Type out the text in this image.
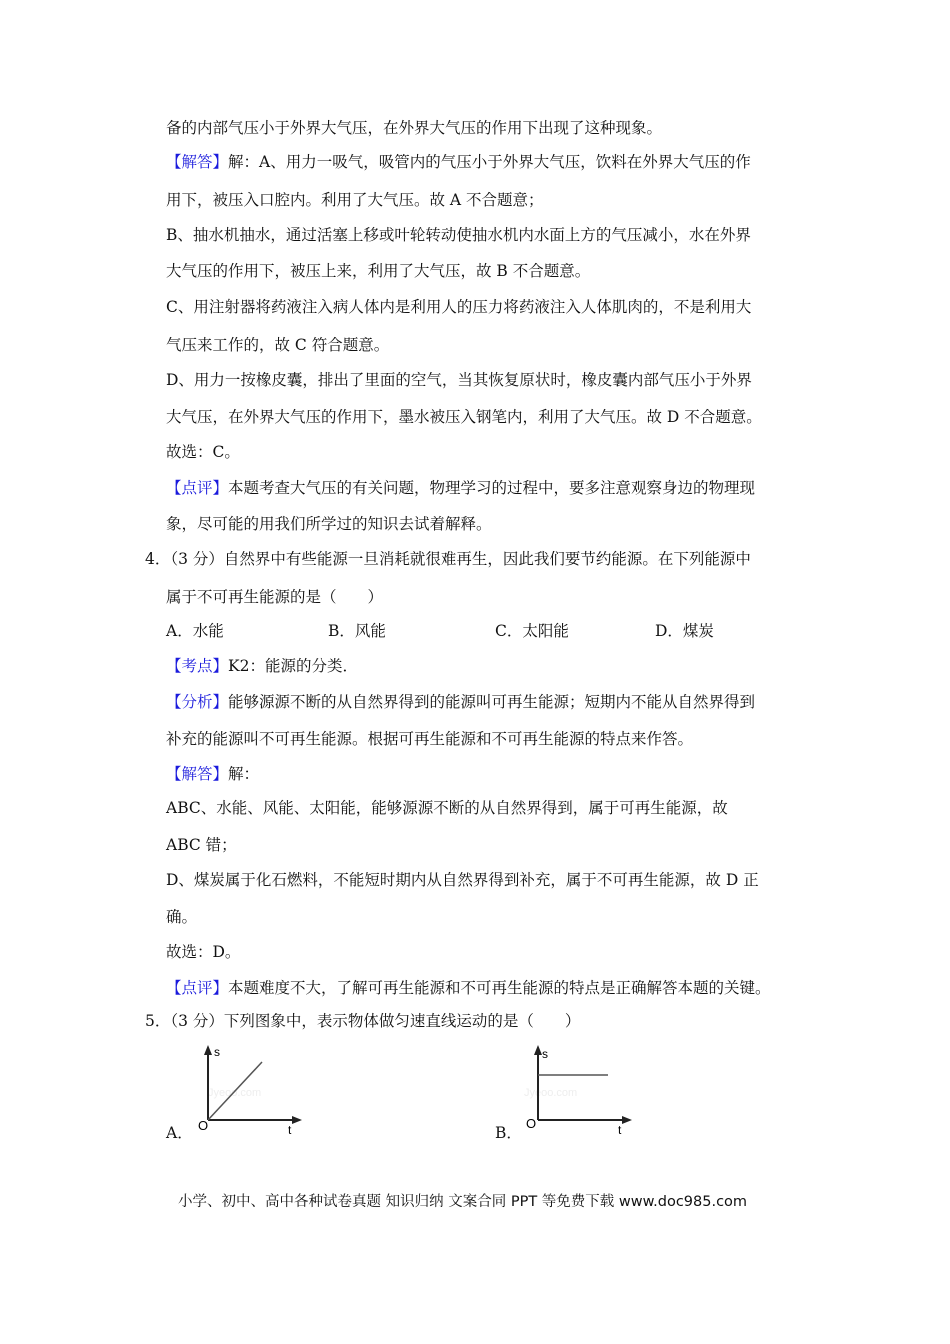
备的内部气压小于外界大气压，在外界大气压的作用下出现了这种现象。
【解答】解：A、用力一吸气，吸管内的气压小于外界大气压，饮料在外界大气压的作
用下，被压入口腔内。利用了大气压。故 A 不合题意；
B、抽水机抽水，通过活塞上移或叶轮转动使抽水机内水面上方的气压减小，水在外界
大气压的作用下，被压上来，利用了大气压，故 B 不合题意。
C、用注射器将药液注入病人体内是利用人的压力将药液注入人体肌肉的，不是利用大
气压来工作的，故 C 符合题意。
D、用力一按橡皮囊，排出了里面的空气，当其恢复原状时，橡皮囊内部气压小于外界
大气压，在外界大气压的作用下，墨水被压入钢笔内，利用了大气压。故 D 不合题意。
故选：C。
【点评】本题考查大气压的有关问题，物理学习的过程中，要多注意观察身边的物理现
象，尽可能的用我们所学过的知识去试着解释。
4．（3 分）自然界中有些能源一旦消耗就很难再生，因此我们要节约能源。在下列能源中
属于不可再生能源的是（　　）
A．水能	B．风能	C．太阳能	D．煤炭
【考点】K2：能源的分类．
【分析】能够源源不断的从自然界得到的能源叫可再生能源；短期内不能从自然界得到
补充的能源叫不可再生能源。根据可再生能源和不可再生能源的特点来作答。
【解答】解：
ABC、水能、风能、太阳能，能够源源不断的从自然界得到，属于可再生能源，故
ABC 错；
D、煤炭属于化石燃料，不能短时期内从自然界得到补充，属于不可再生能源，故 D 正
确。
故选：D。
【点评】本题难度不大，了解可再生能源和不可再生能源的特点是正确解答本题的关键。
5．（3 分）下列图象中，表示物体做匀速直线运动的是（　　）
A．
Jyeoo.com
s
t
O	B．
Jyeoo.com
s
t
O
小学、初中、高中各种试卷真题 知识归纳 文案合同 PPT 等免费下载 www.doc985.com
